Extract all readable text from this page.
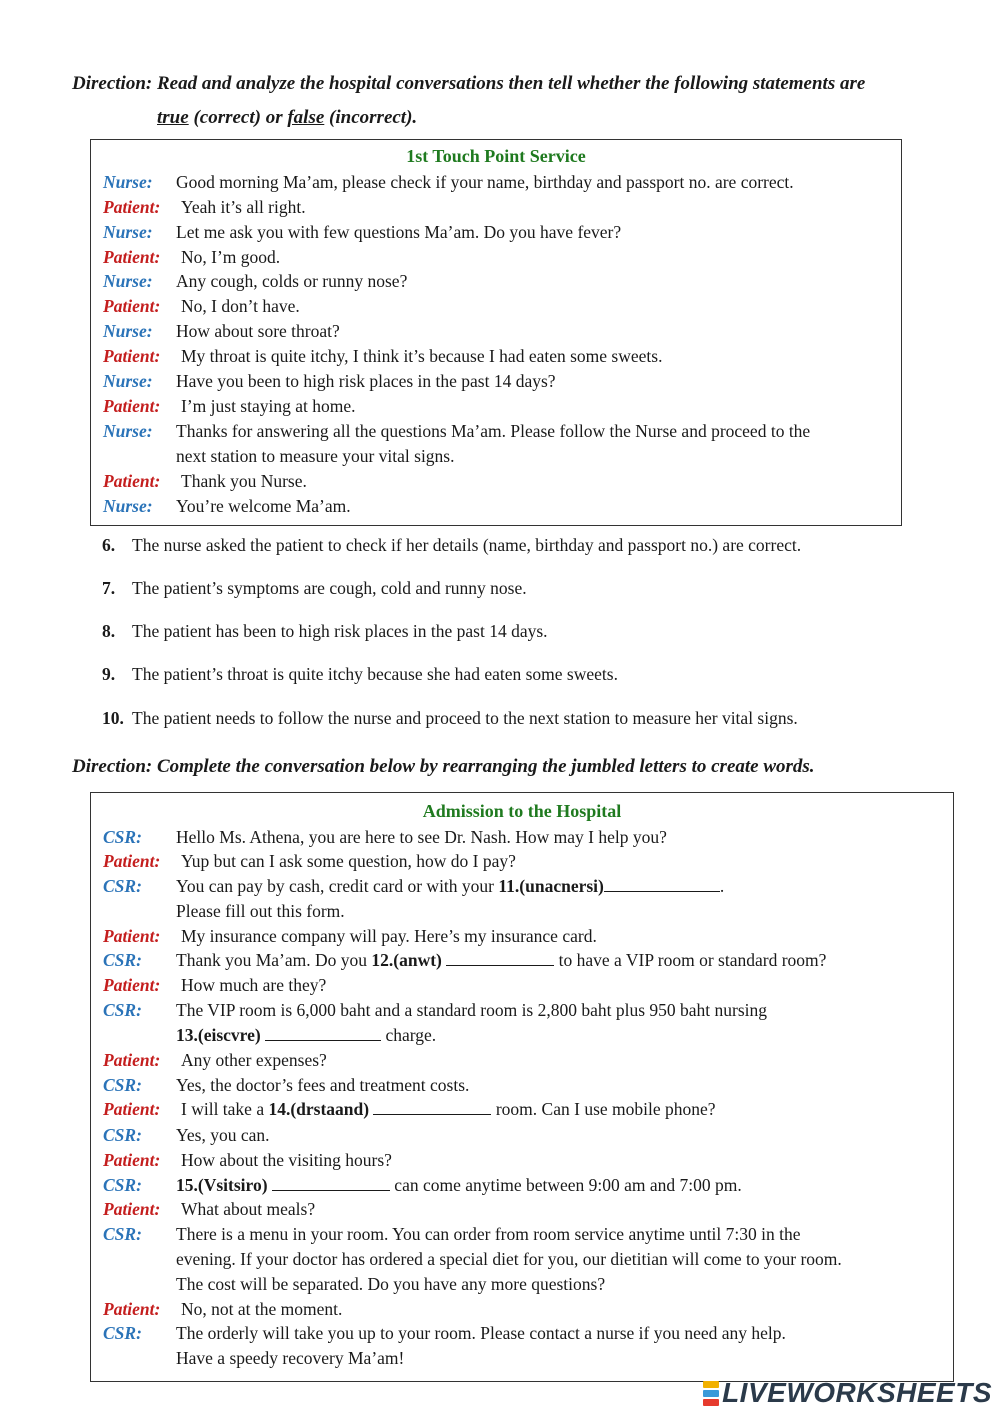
Direction: Read and analyze the hospital conversations then tell whether the following statements are
true (correct) or false (incorrect).
1st Touch Point Service
Nurse: Good morning Ma’am, please check if your name, birthday and passport no. are correct.
Patient: Yeah it’s all right.
Nurse: Let me ask you with few questions Ma’am. Do you have fever?
Patient: No, I’m good.
Nurse: Any cough, colds or runny nose?
Patient: No, I don’t have.
Nurse: How about sore throat?
Patient: My throat is quite itchy, I think it’s because I had eaten some sweets.
Nurse: Have you been to high risk places in the past 14 days?
Patient: I’m just staying at home.
Nurse: Thanks for answering all the questions Ma’am. Please follow the Nurse and proceed to the
next station to measure your vital signs.
Patient: Thank you Nurse.
Nurse: You’re welcome Ma’am.
6. The nurse asked the patient to check if her details (name, birthday and passport no.) are correct.
7. The patient’s symptoms are cough, cold and runny nose.
8. The patient has been to high risk places in the past 14 days.
9. The patient’s throat is quite itchy because she had eaten some sweets.
10. The patient needs to follow the nurse and proceed to the next station to measure her vital signs.
Direction: Complete the conversation below by rearranging the jumbled letters to create words.
Admission to the Hospital
CSR: Hello Ms. Athena, you are here to see Dr. Nash. How may I help you?
Patient: Yup but can I ask some question, how do I pay?
CSR: You can pay by cash, credit card or with your 11.(unacnersi)	.
Please fill out this form.
Patient: My insurance company will pay. Here’s my insurance card.
CSR: Thank you Ma’am. Do you 12.(anwt)	to have a VIP room or standard room?
Patient: How much are they?
CSR: The VIP room is 6,000 baht and a standard room is 2,800 baht plus 950 baht nursing
13.(eiscvre)	charge.
Patient: Any other expenses?
CSR: Yes, the doctor’s fees and treatment costs.
Patient: I will take a 14.(drstaand)	room. Can I use mobile phone?
CSR: Yes, you can.
Patient: How about the visiting hours?
CSR: 15.(Vsitsiro)	can come anytime between 9:00 am and 7:00 pm.
Patient: What about meals?
CSR: There is a menu in your room. You can order from room service anytime until 7:30 in the
evening. If your doctor has ordered a special diet for you, our dietitian will come to your room.
The cost will be separated. Do you have any more questions?
Patient: No, not at the moment.
CSR: The orderly will take you up to your room. Please contact a nurse if you need any help.
Have a speedy recovery Ma’am!
LIVEWORKSHEETS
